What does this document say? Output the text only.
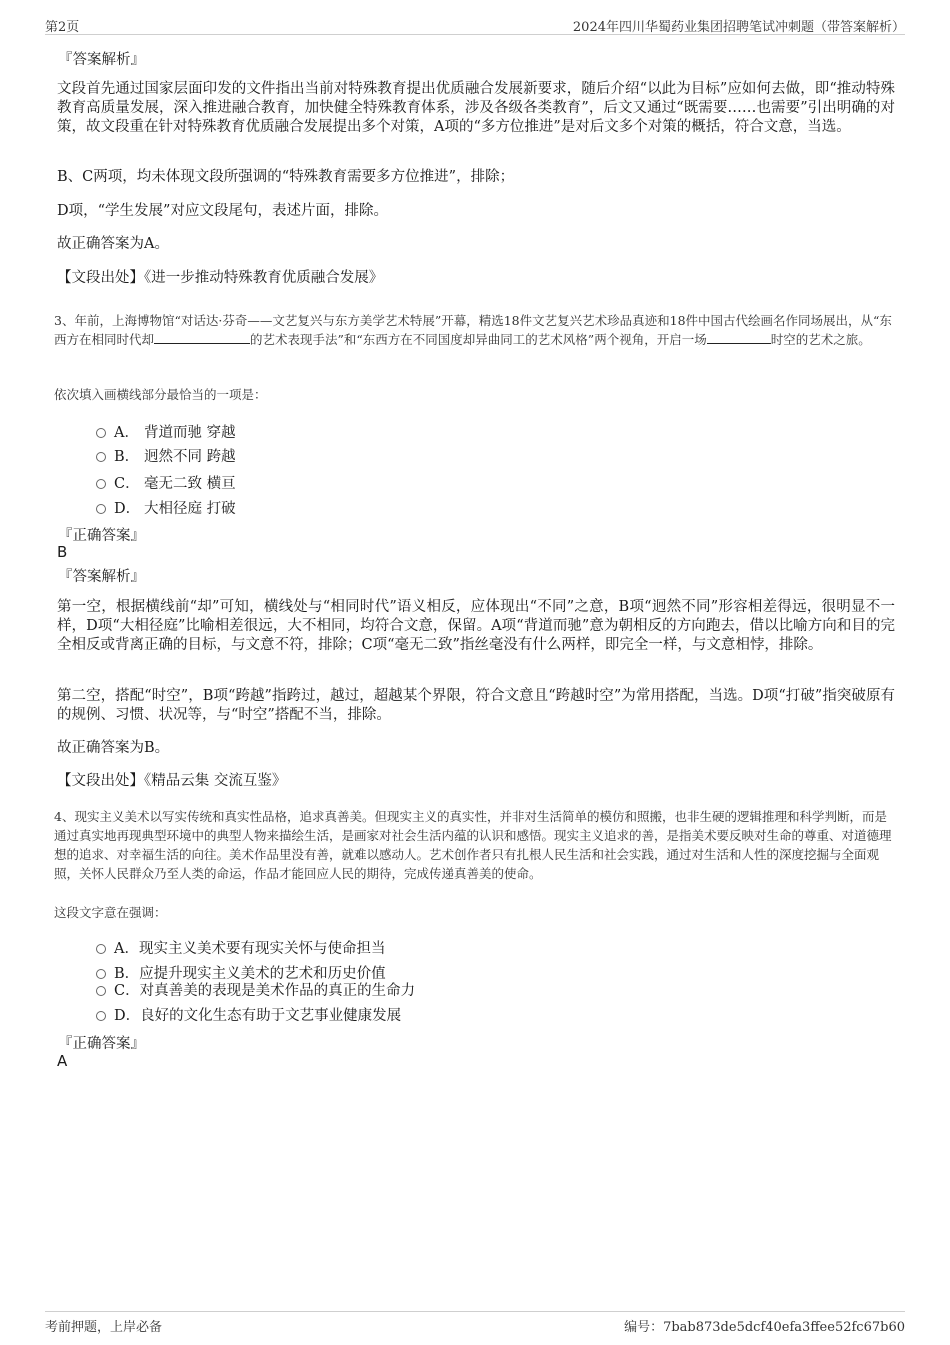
第2页	2024年四川华蜀药业集团招聘笔试冲刺题（带答案解析）
『答案解析』

文段首先通过国家层面印发的文件指出当前对特殊教育提出优质融合发展新要求，随后介绍“以此为目标”应如何去做，即“推动特殊教育高质量发展，深入推进融合教育，加快健全特殊教育体系，涉及各级各类教育”，后文又通过“既需要……也需要”引出明确的对策，故文段重在针对特殊教育优质融合发展提出多个对策，A项的“多方位推进”是对后文多个对策的概括，符合文意，当选。

B、C两项，均未体现文段所强调的“特殊教育需要多方位推进”，排除；

D项，“学生发展”对应文段尾句，表述片面，排除。

故正确答案为A。

【文段出处】《进一步推动特殊教育优质融合发展》

3、年前，上海博物馆“对话达·芬奇——文艺复兴与东方美学艺术特展”开幕，精选18件文艺复兴艺术珍品真迹和18件中国古代绘画名作同场展出，从“东西方在相同时代却	的艺术表现手法”和“东西方在不同国度却异曲同工的艺术风格”两个视角，开启一场	时空的艺术之旅。

依次填入画横线部分最恰当的一项是：
A． 背道而驰 穿越
B． 迥然不同 跨越
C． 毫无二致 横亘
D． 大相径庭 打破
『正确答案』
B
『答案解析』

第一空，根据横线前“却”可知，横线处与“相同时代”语义相反，应体现出“不同”之意，B项“迥然不同”形容相差得远，很明显不一样，D项“大相径庭”比喻相差很远，大不相同，均符合文意，保留。A项“背道而驰”意为朝相反的方向跑去，借以比喻方向和目的完全相反或背离正确的目标，与文意不符，排除；C项“毫无二致”指丝毫没有什么两样，即完全一样，与文意相悖，排除。

第二空，搭配“时空”，B项“跨越”指跨过，越过，超越某个界限，符合文意且“跨越时空”为常用搭配，当选。D项“打破”指突破原有的规例、习惯、状况等，与“时空”搭配不当，排除。

故正确答案为B。

【文段出处】《精品云集 交流互鉴》

4、现实主义美术以写实传统和真实性品格，追求真善美。但现实主义的真实性，并非对生活简单的模仿和照搬，也非生硬的逻辑推理和科学判断，而是通过真实地再现典型环境中的典型人物来描绘生活，是画家对社会生活内蕴的认识和感悟。现实主义追求的善，是指美术要反映对生命的尊重、对道德理想的追求、对幸福生活的向往。美术作品里没有善，就难以感动人。艺术创作者只有扎根人民生活和社会实践，通过对生活和人性的深度挖掘与全面观照，关怀人民群众乃至人类的命运，作品才能回应人民的期待，完成传递真善美的使命。

这段文字意在强调：
A．现实主义美术要有现实关怀与使命担当
B．应提升现实主义美术的艺术和历史价值
C．对真善美的表现是美术作品的真正的生命力
D．良好的文化生态有助于文艺事业健康发展
『正确答案』
A
考前押题，上岸必备	编号：7bab873de5dcf40efa3ffee52fc67b60
